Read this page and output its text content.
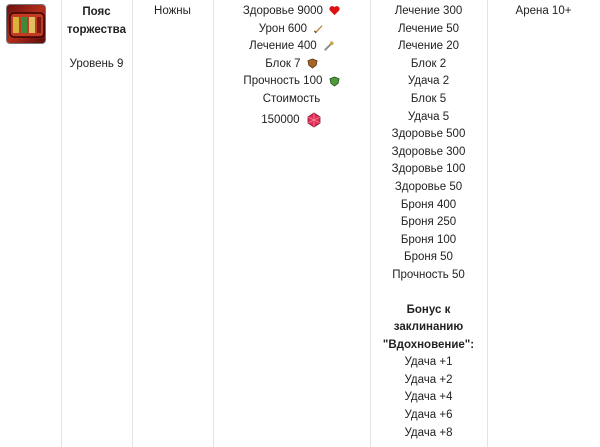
Пояс
торжества
Уровень 9
Ножны	Здоровье 9000
Урон 600
Лечение 400
Блок 7
Прочность 100
Стоимость
150000
Лечение 300
Лечение 50
Лечение 20
Блок 2
Удача 2
Блок 5
Удача 5
Здоровье 500
Здоровье 300
Здоровье 100
Здоровье 50
Броня 400
Броня 250
Броня 100
Броня 50
Прочность 50
Бонус к
заклинанию
"Вдохновение":
Удача +1
Удача +2
Удача +4
Удача +6
Удача +8
Арена 10+
